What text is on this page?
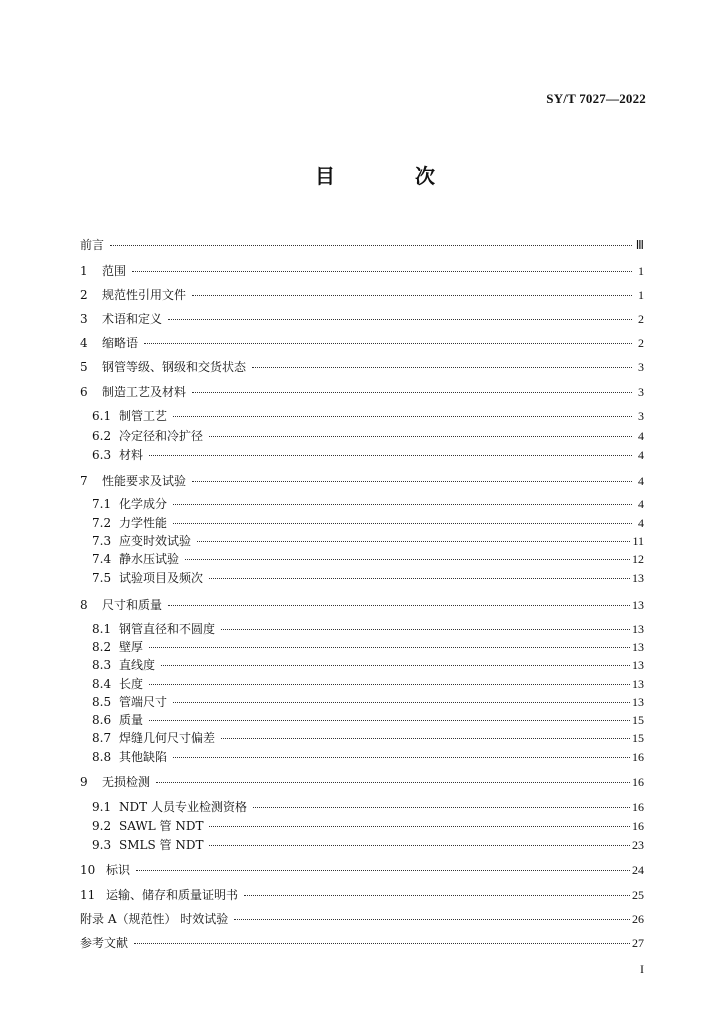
SY/T 7027—2022
目　次
前言	Ⅲ
1	范围	1
2	规范性引用文件	1
3	术语和定义	2
4	缩略语	2
5	钢管等级、钢级和交货状态	3
6	制造工艺及材料	3
6.1 制管工艺	3
6.2 冷定径和冷扩径	4
6.3 材料	4
7	性能要求及试验	4
7.1 化学成分	4
7.2 力学性能	4
7.3 应变时效试验	11
7.4 静水压试验	12
7.5 试验项目及频次	13
8	尺寸和质量	13
8.1 钢管直径和不圆度	13
8.2 壁厚	13
8.3 直线度	13
8.4 长度	13
8.5 管端尺寸	13
8.6 质量	15
8.7 焊缝几何尺寸偏差	15
8.8 其他缺陷	16
9	无损检测	16
9.1 NDT 人员专业检测资格	16
9.2 SAWL 管 NDT	16
9.3 SMLS 管 NDT	23
10 标识	24
11 运输、储存和质量证明书	25
附录 A（规范性） 时效试验	26
参考文献	27
I
